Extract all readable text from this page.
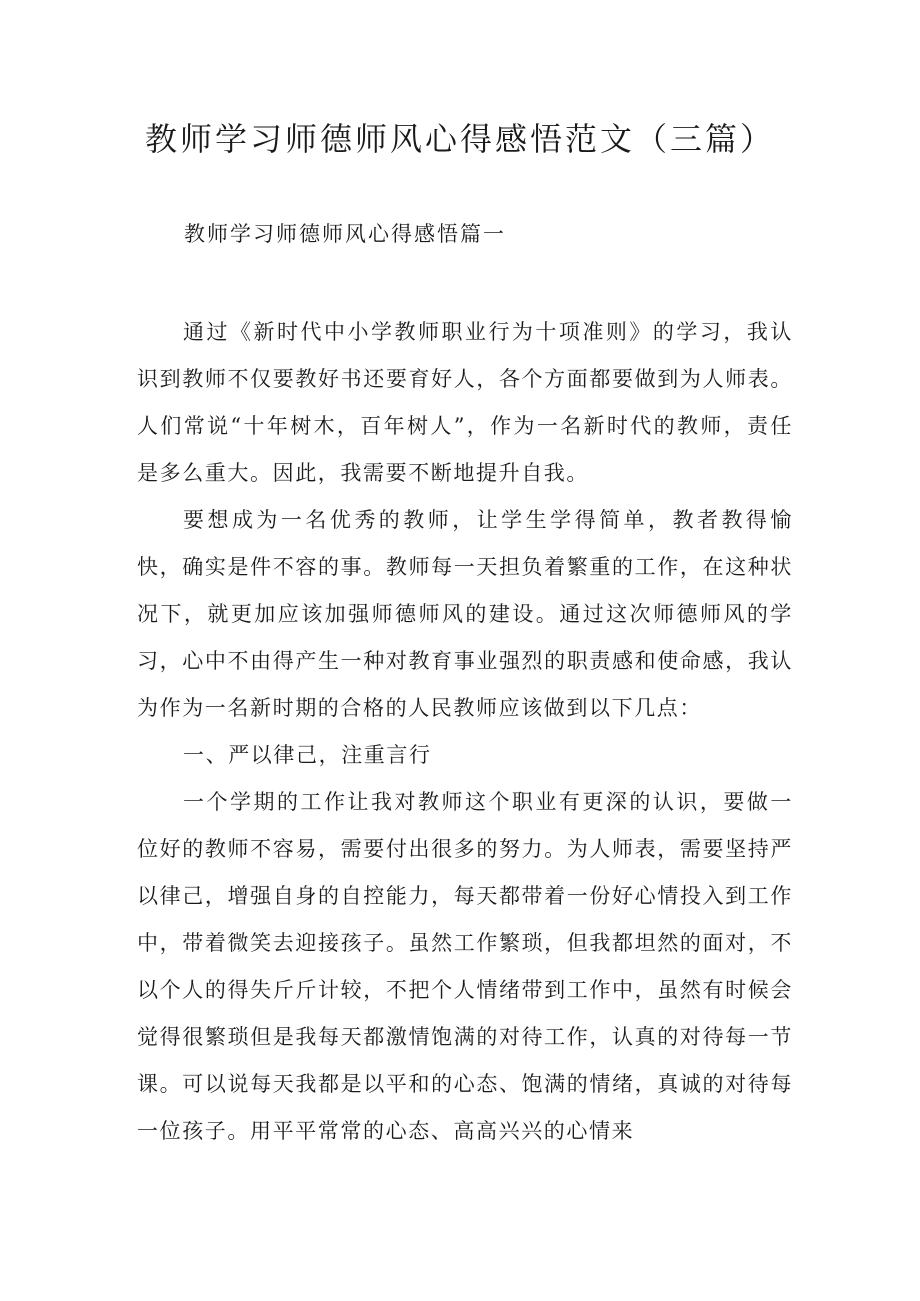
教师学习师德师风心得感悟范文（三篇）
教师学习师德师风心得感悟篇一

通过《新时代中小学教师职业行为十项准则》的学习，我认识到教师不仅要教好书还要育好人，各个方面都要做到为人师表。人们常说“十年树木，百年树人”，作为一名新时代的教师，责任是多么重大。因此，我需要不断地提升自我。

要想成为一名优秀的教师，让学生学得简单，教者教得愉快，确实是件不容的事。教师每一天担负着繁重的工作，在这种状况下，就更加应该加强师德师风的建设。通过这次师德师风的学习，心中不由得产生一种对教育事业强烈的职责感和使命感，我认为作为一名新时期的合格的人民教师应该做到以下几点：

一、严以律己，注重言行

一个学期的工作让我对教师这个职业有更深的认识，要做一位好的教师不容易，需要付出很多的努力。为人师表，需要坚持严以律己，增强自身的自控能力，每天都带着一份好心情投入到工作中，带着微笑去迎接孩子。虽然工作繁琐，但我都坦然的面对，不以个人的得失斤斤计较，不把个人情绪带到工作中，虽然有时候会觉得很繁琐但是我每天都激情饱满的对待工作，认真的对待每一节课。可以说每天我都是以平和的心态、饱满的情绪，真诚的对待每一位孩子。用平平常常的心态、高高兴兴的心情来
